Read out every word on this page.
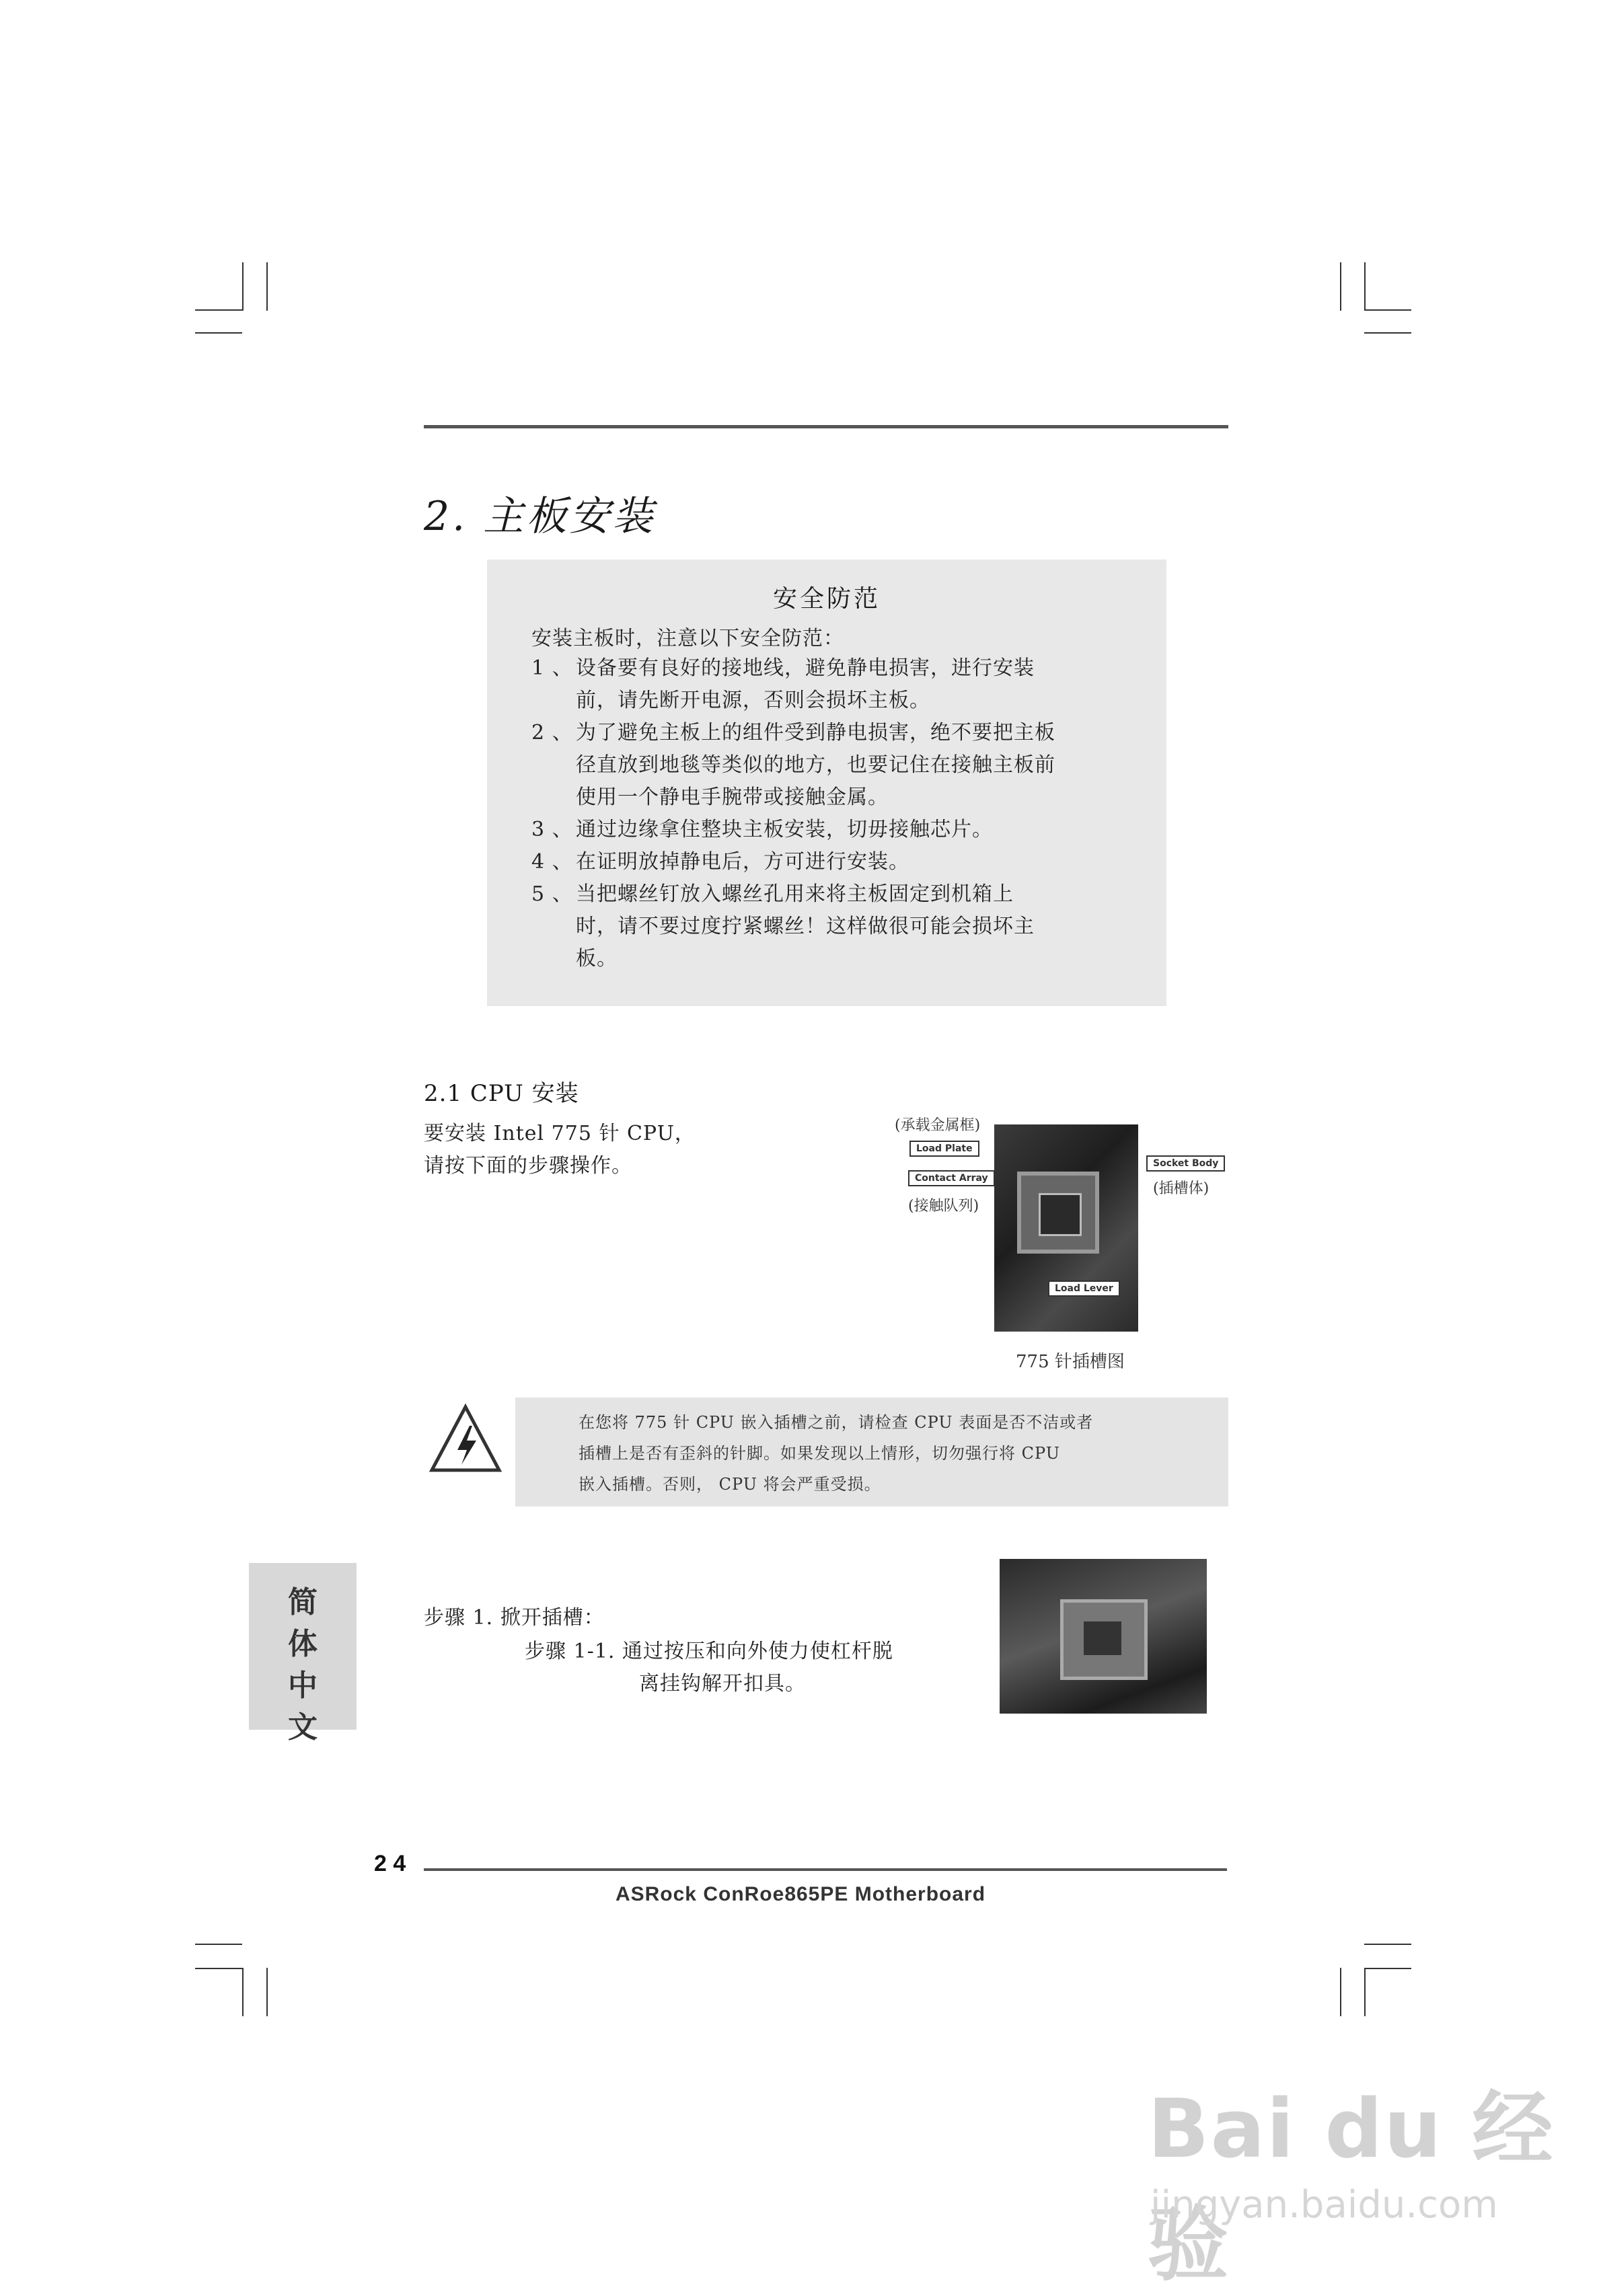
2. 主板安装
安全防范
安装主板时，注意以下安全防范：
1 、 设备要有良好的接地线，避免静电损害，进行安装
前，请先断开电源，否则会损坏主板。
2 、 为了避免主板上的组件受到静电损害，绝不要把主板
径直放到地毯等类似的地方，也要记住在接触主板前
使用一个静电手腕带或接触金属。
3 、 通过边缘拿住整块主板安装，切毋接触芯片。
4 、 在证明放掉静电后，方可进行安装。
5 、 当把螺丝钉放入螺丝孔用来将主板固定到机箱上
时，请不要过度拧紧螺丝！这样做很可能会损坏主
板。
2.1 CPU 安装
要安装 Intel 775 针 CPU，
请按下面的步骤操作。
(承载金属框)
Load Plate
Contact Array
(接触队列)
Load Lever
Socket Body
(插槽体)
775 针插槽图
在您将 775 针 CPU 嵌入插槽之前，请检查 CPU 表面是否不洁或者
插槽上是否有歪斜的针脚。如果发现以上情形，切勿强行将 CPU
嵌入插槽。否则， CPU 将会严重受损。
简
体
中
文
步骤 1. 掀开插槽：
步骤 1-1. 通过按压和向外使力使杠杆脱
离挂钩解开扣具。
2 4
ASRock ConRoe865PE Motherboard
Bai du 经验
jingyan.baidu.com
